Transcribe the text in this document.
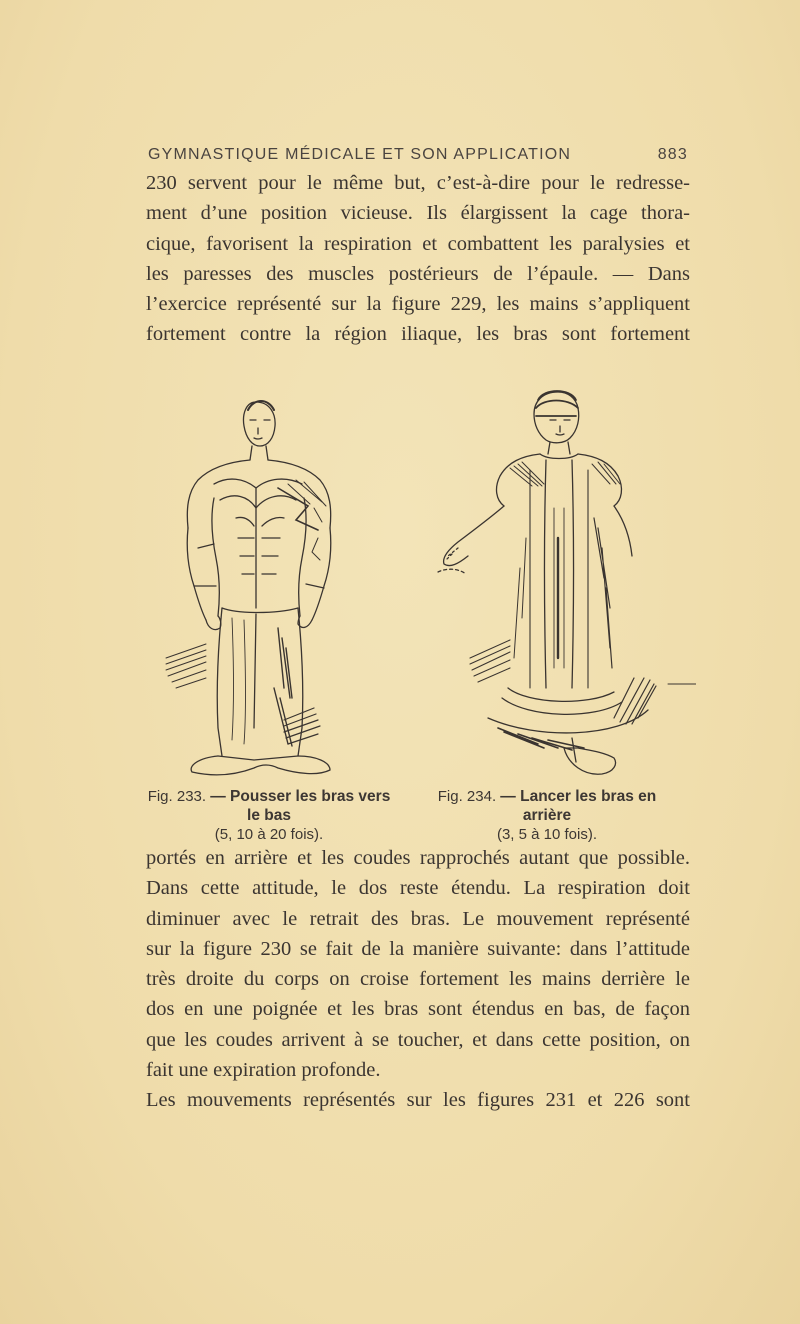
GYMNASTIQUE MÉDICALE ET SON APPLICATION	883
230 servent pour le même but, c’est-à-dire pour le redresse-
ment d’une position vicieuse. Ils élargissent la cage thora-
cique, favorisent la respiration et combattent les paralysies et
les paresses des muscles postérieurs de l’épaule. — Dans
l’exercice représenté sur la figure 229, les mains s’appliquent
fortement contre la région iliaque, les bras sont fortement
Fig. 233. — Pousser les bras vers
le bas
(5, 10 à 20 fois).
Fig. 234. — Lancer les bras en
arrière
(3, 5 à 10 fois).
portés en arrière et les coudes rapprochés autant que possible.
Dans cette attitude, le dos reste étendu. La respiration doit
diminuer avec le retrait des bras. Le mouvement représenté
sur la figure 230 se fait de la manière suivante: dans l’attitude
très droite du corps on croise fortement les mains derrière le
dos en une poignée et les bras sont étendus en bas, de façon
que les coudes arrivent à se toucher, et dans cette position, on
fait une expiration profonde.
Les mouvements représentés sur les figures 231 et 226 sont
